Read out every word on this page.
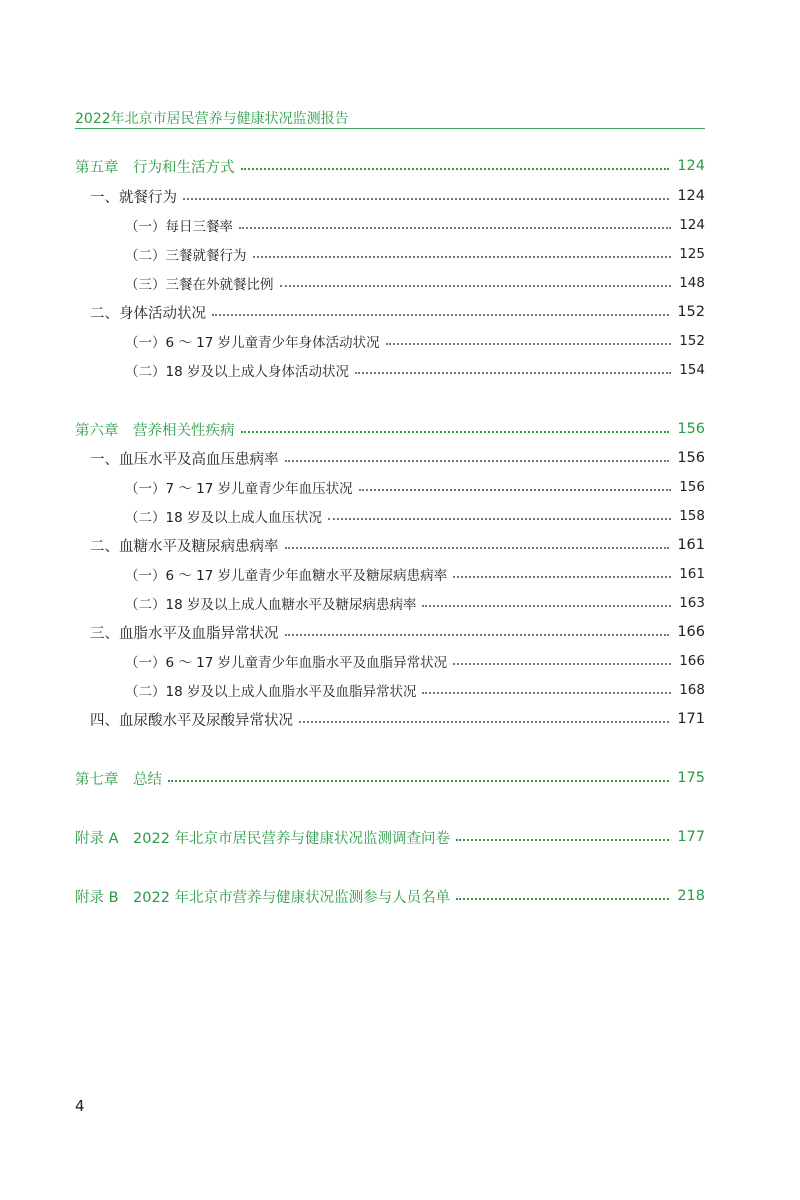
2022年北京市居民营养与健康状况监测报告
第五章　行为和生活方式	124
一、就餐行为	124
（一）每日三餐率	124
（二）三餐就餐行为	125
（三）三餐在外就餐比例	148
二、身体活动状况	152
（一）6 ～ 17 岁儿童青少年身体活动状况	152
（二）18 岁及以上成人身体活动状况	154
第六章　营养相关性疾病	156
一、血压水平及高血压患病率	156
（一）7 ～ 17 岁儿童青少年血压状况	156
（二）18 岁及以上成人血压状况	158
二、血糖水平及糖尿病患病率	161
（一）6 ～ 17 岁儿童青少年血糖水平及糖尿病患病率	161
（二）18 岁及以上成人血糖水平及糖尿病患病率	163
三、血脂水平及血脂异常状况	166
（一）6 ～ 17 岁儿童青少年血脂水平及血脂异常状况	166
（二）18 岁及以上成人血脂水平及血脂异常状况	168
四、血尿酸水平及尿酸异常状况	171
第七章　总结	175
附录 A　2022 年北京市居民营养与健康状况监测调查问卷	177
附录 B　2022 年北京市营养与健康状况监测参与人员名单	218
4
